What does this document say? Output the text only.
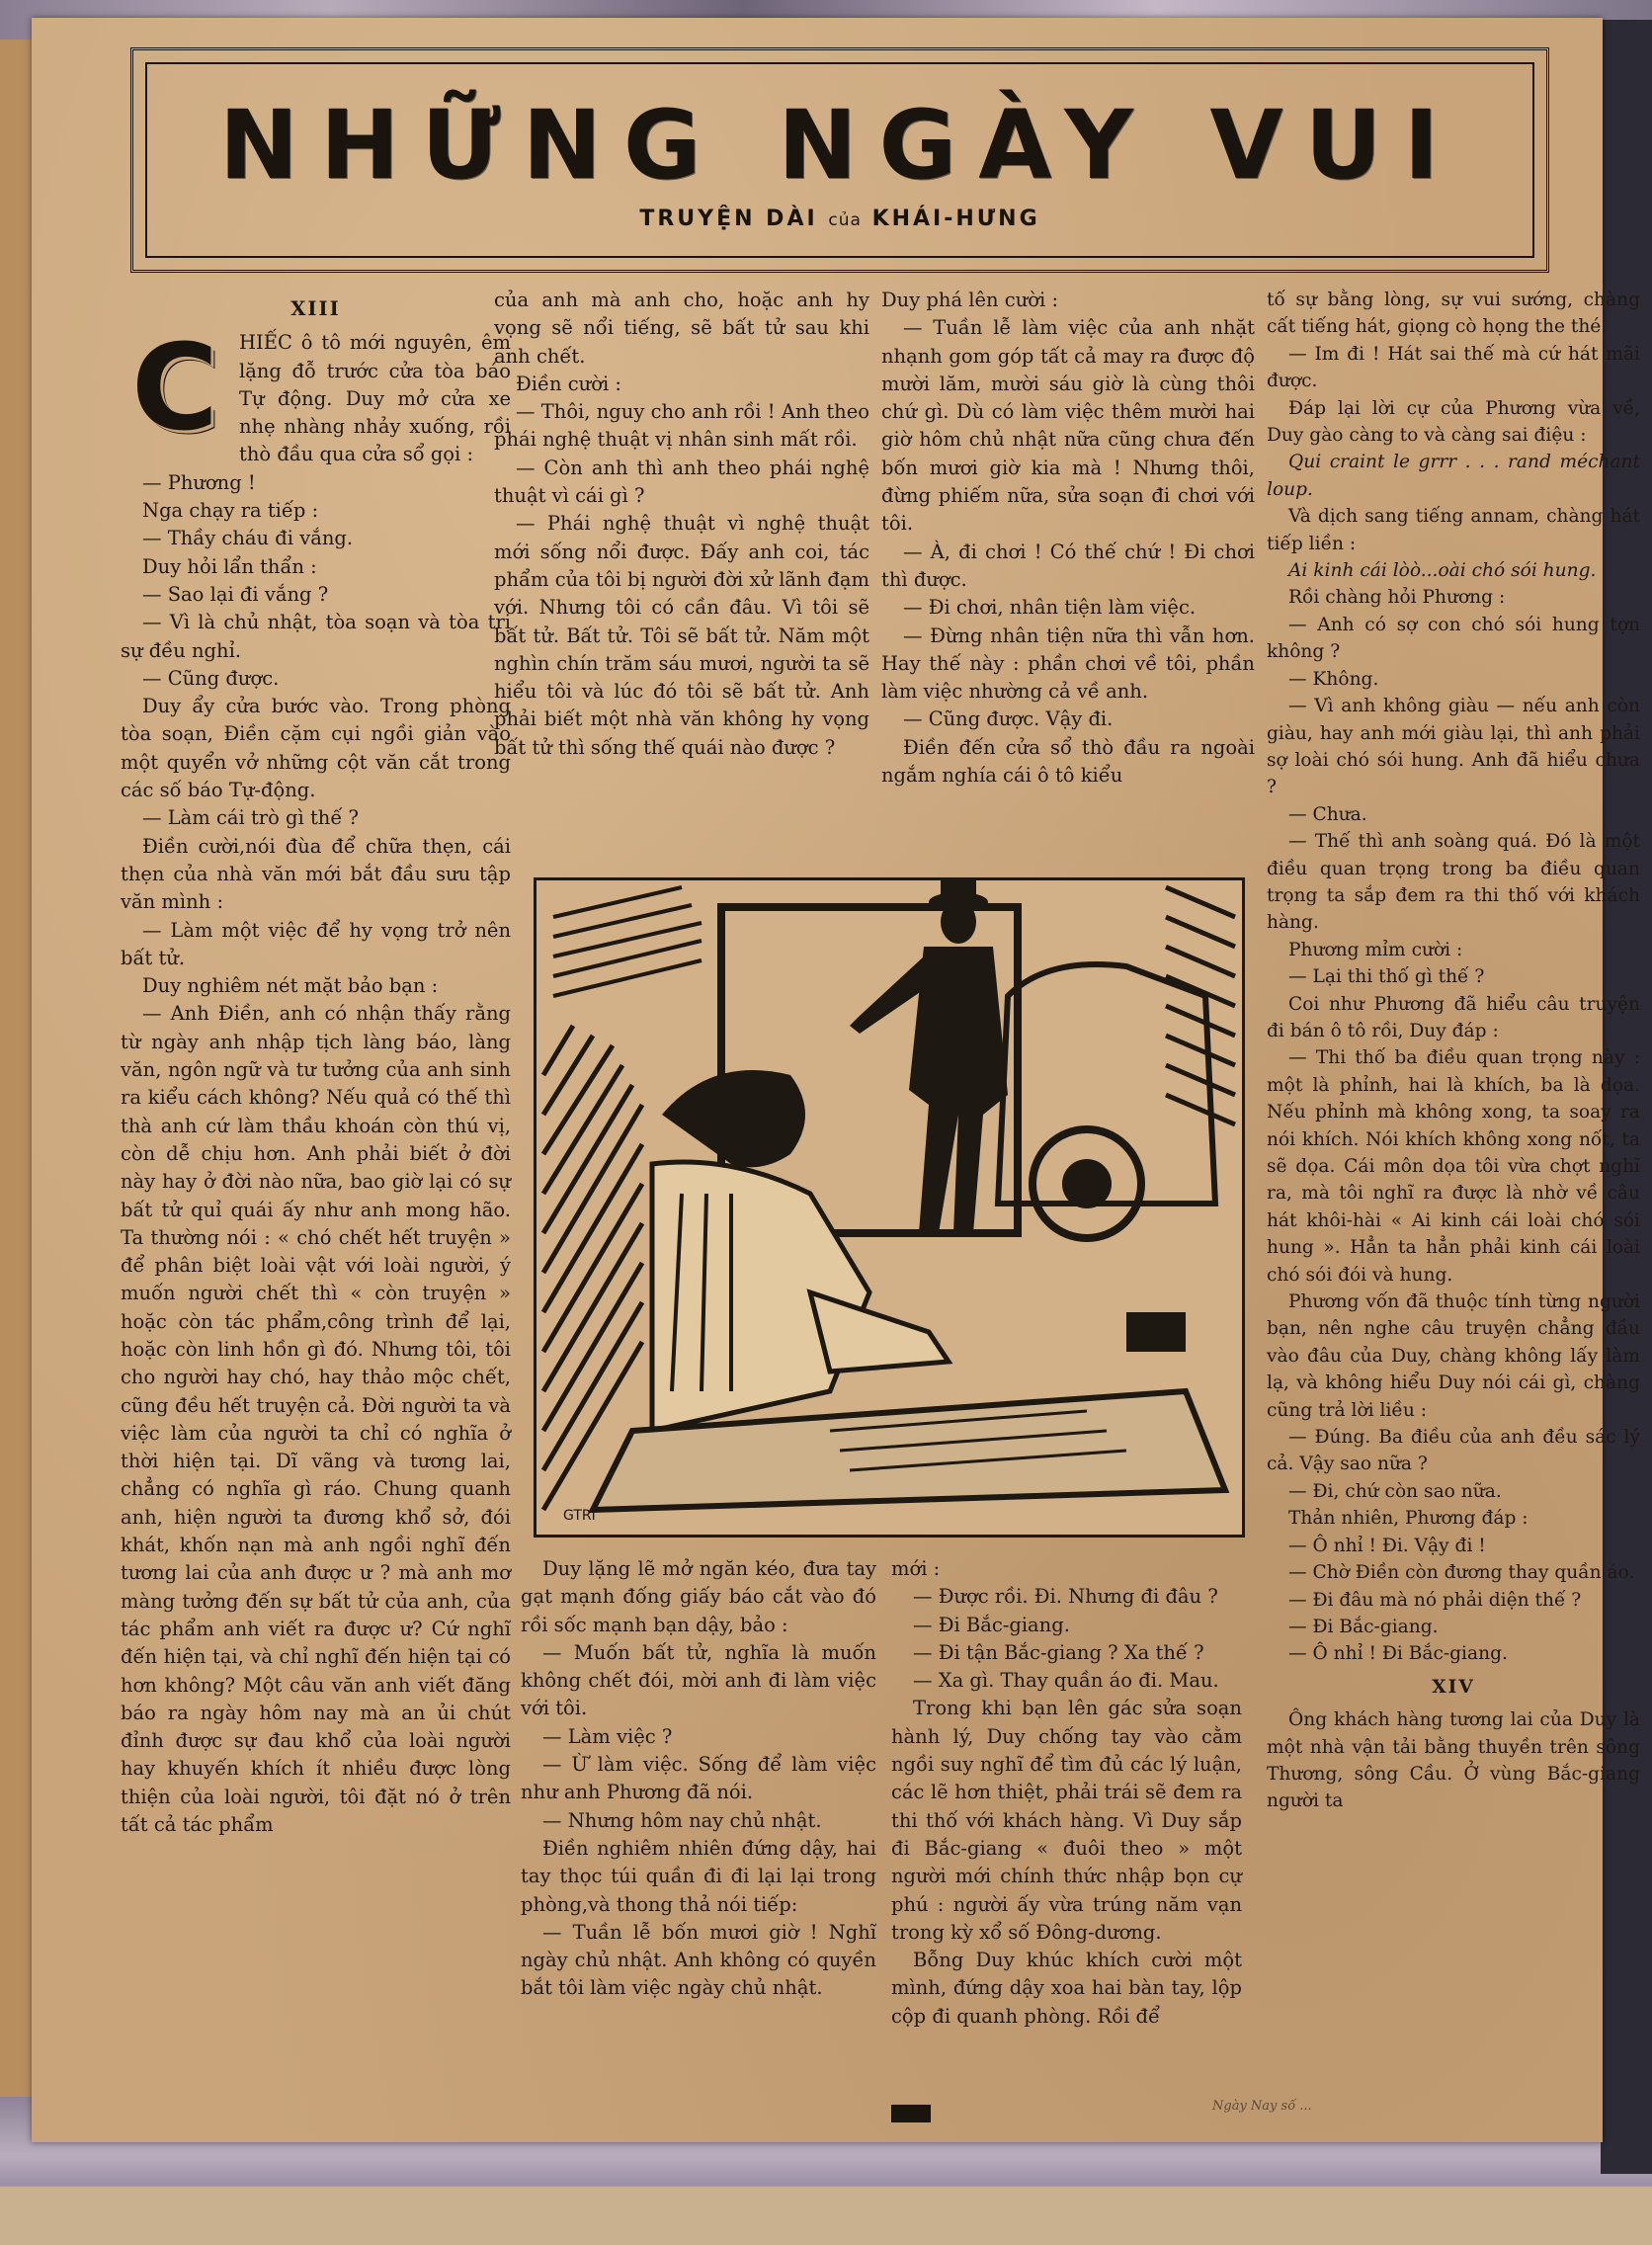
NHỮNG NGÀY VUI
TRUYỆN DÀI của KHÁI-HƯNG

XIII

C	HIẾC ô tô mới nguyên, êm lặng đỗ trước cửa tòa báo Tự động. Duy mở cửa xe nhẹ nhàng nhảy xuống, rồi thò đầu qua cửa sổ gọi :

— Phương !

Nga chạy ra tiếp :

— Thầy cháu đi vắng.

Duy hỏi lẩn thẩn :

— Sao lại đi vắng ?

— Vì là chủ nhật, tòa soạn và tòa trị sự đều nghỉ.

— Cũng được.

Duy ẩy cửa bước vào. Trong phòng tòa soạn, Điền cặm cụi ngồi giản vào một quyển vở những cột văn cắt trong các số báo Tự-động.

— Làm cái trò gì thế ?

Điền cười,nói đùa để chữa thẹn, cái thẹn của nhà văn mới bắt đầu sưu tập văn mình :

— Làm một việc để hy vọng trở nên bất tử.

Duy nghiêm nét mặt bảo bạn :

— Anh Điền, anh có nhận thấy rằng từ ngày anh nhập tịch làng báo, làng văn, ngôn ngữ và tư tưởng của anh sinh ra kiểu cách không? Nếu quả có thế thì thà anh cứ làm thầu khoán còn thú vị, còn dễ chịu hơn. Anh phải biết ở đời này hay ở đời nào nữa, bao giờ lại có sự bất tử quỉ quái ấy như anh mong hão. Ta thường nói : « chó chết hết truyện » để phân biệt loài vật với loài người, ý muốn người chết thì « còn truyện » hoặc còn tác phẩm,công trình để lại, hoặc còn linh hồn gì đó. Nhưng tôi, tôi cho người hay chó, hay thảo mộc chết, cũng đều hết truyện cả. Đời người ta và việc làm của người ta chỉ có nghĩa ở thời hiện tại. Dĩ vãng và tương lai, chẳng có nghĩa gì ráo. Chung quanh anh, hiện người ta đương khổ sở, đói khát, khốn nạn mà anh ngồi nghĩ đến tương lai của anh được ư ? mà anh mơ màng tưởng đến sự bất tử của anh, của tác phẩm anh viết ra được ư? Cứ nghĩ đến hiện tại, và chỉ nghĩ đến hiện tại có hơn không? Một câu văn anh viết đăng báo ra ngày hôm nay mà an ủi chút đỉnh được sự đau khổ của loài người hay khuyến khích ít nhiều được lòng thiện của loài người, tôi đặt nó ở trên tất cả tác phẩm

của anh mà anh cho, hoặc anh hy vọng sẽ nổi tiếng, sẽ bất tử sau khi anh chết.

Điền cười :

— Thôi, nguy cho anh rồi ! Anh theo phái nghệ thuật vị nhân sinh mất rồi.

— Còn anh thì anh theo phái nghệ thuật vì cái gì ?

— Phái nghệ thuật vì nghệ thuật mới sống nổi được. Đấy anh coi, tác phẩm của tôi bị người đời xử lãnh đạm với. Nhưng tôi có cần đâu. Vì tôi sẽ bất tử. Bất tử. Tôi sẽ bất tử. Năm một nghìn chín trăm sáu mươi, người ta sẽ hiểu tôi và lúc đó tôi sẽ bất tử. Anh phải biết một nhà văn không hy vọng bất tử thì sống thế quái nào được ?

Duy phá lên cười :

— Tuần lễ làm việc của anh nhặt nhạnh gom góp tất cả may ra được độ mười lăm, mười sáu giờ là cùng thôi chứ gì. Dù có làm việc thêm mười hai giờ hôm chủ nhật nữa cũng chưa đến bốn mươi giờ kia mà ! Nhưng thôi, đừng phiếm nữa, sửa soạn đi chơi với tôi.

— À, đi chơi ! Có thế chứ ! Đi chơi thì được.

— Đi chơi, nhân tiện làm việc.

— Đừng nhân tiện nữa thì vẫn hơn. Hay thế này : phần chơi về tôi, phần làm việc nhường cả về anh.

— Cũng được. Vậy đi.

Điền đến cửa sổ thò đầu ra ngoài ngắm nghía cái ô tô kiểu

tố sự bằng lòng, sự vui sướng, chàng cất tiếng hát, giọng cò họng the thé.

— Im đi ! Hát sai thế mà cứ hát mãi được.

Đáp lại lời cự của Phương vừa về, Duy gào càng to và càng sai điệu :

Qui craint le grrr . . . rand méchant loup.

Và dịch sang tiếng annam, chàng hát tiếp liền :

Ai kinh cái lòò...oài chó sói hung.

Rồi chàng hỏi Phương :

— Anh có sợ con chó sói hung tợn không ?

— Không.

— Vì anh không giàu — nếu anh còn giàu, hay anh mới giàu lại, thì anh phải sợ loài chó sói hung. Anh đã hiểu chưa ?

— Chưa.

— Thế thì anh soàng quá. Đó là một điều quan trọng trong ba điều quan trọng ta sắp đem ra thi thố với khách hàng.

Phương mỉm cười :

— Lại thi thố gì thế ?

Coi như Phương đã hiểu câu truyện đi bán ô tô rồi, Duy đáp :

— Thi thố ba điều quan trọng này : một là phỉnh, hai là khích, ba là dọa. Nếu phỉnh mà không xong, ta soay ra nói khích. Nói khích không xong nốt, ta sẽ dọa. Cái môn dọa tôi vừa chợt nghĩ ra, mà tôi nghĩ ra được là nhờ về câu hát khôi-hài « Ai kinh cái loài chó sói hung ». Hẳn ta hẳn phải kinh cái loài chó sói đói và hung.

Phương vốn đã thuộc tính từng người bạn, nên nghe câu truyện chẳng đầu vào đâu của Duy, chàng không lấy làm lạ, và không hiểu Duy nói cái gì, chàng cũng trả lời liều :

— Đúng. Ba điều của anh đều sác lý cả. Vậy sao nữa ?

— Đi, chứ còn sao nữa.

Thản nhiên, Phương đáp :

— Ô nhỉ ! Đi. Vậy đi !

— Chờ Điền còn đương thay quần áo.

— Đi đâu mà nó phải diện thế ?

— Đi Bắc-giang.

— Ô nhỉ ! Đi Bắc-giang.

XIV

Ông khách hàng tương lai của Duy là một nhà vận tải bằng thuyền trên sông Thương, sông Cầu. Ở vùng Bắc-giang người ta

GTRI

Duy lặng lẽ mở ngăn kéo, đưa tay gạt mạnh đống giấy báo cắt vào đó rồi sốc mạnh bạn dậy, bảo :

— Muốn bất tử, nghĩa là muốn không chết đói, mời anh đi làm việc với tôi.

— Làm việc ?

— Ừ làm việc. Sống để làm việc như anh Phương đã nói.

— Nhưng hôm nay chủ nhật.

Điền nghiêm nhiên đứng dậy, hai tay thọc túi quần đi đi lại lại trong phòng,và thong thả nói tiếp:

— Tuần lễ bốn mươi giờ ! Nghĩ ngày chủ nhật. Anh không có quyền bắt tôi làm việc ngày chủ nhật.

mới :

— Được rồi. Đi. Nhưng đi đâu ?

— Đi Bắc-giang.

— Đi tận Bắc-giang ? Xa thế ?

— Xa gì. Thay quần áo đi. Mau.

Trong khi bạn lên gác sửa soạn hành lý, Duy chống tay vào cằm ngồi suy nghĩ để tìm đủ các lý luận, các lẽ hơn thiệt, phải trái sẽ đem ra thi thố với khách hàng. Vì Duy sắp đi Bắc-giang « đuôi theo » một người mới chính thức nhập bọn cự phú : người ấy vừa trúng năm vạn trong kỳ xổ số Đông-dương.

Bỗng Duy khúc khích cười một mình, đứng dậy xoa hai bàn tay, lộp cộp đi quanh phòng. Rồi để

Ngày Nay số ...
